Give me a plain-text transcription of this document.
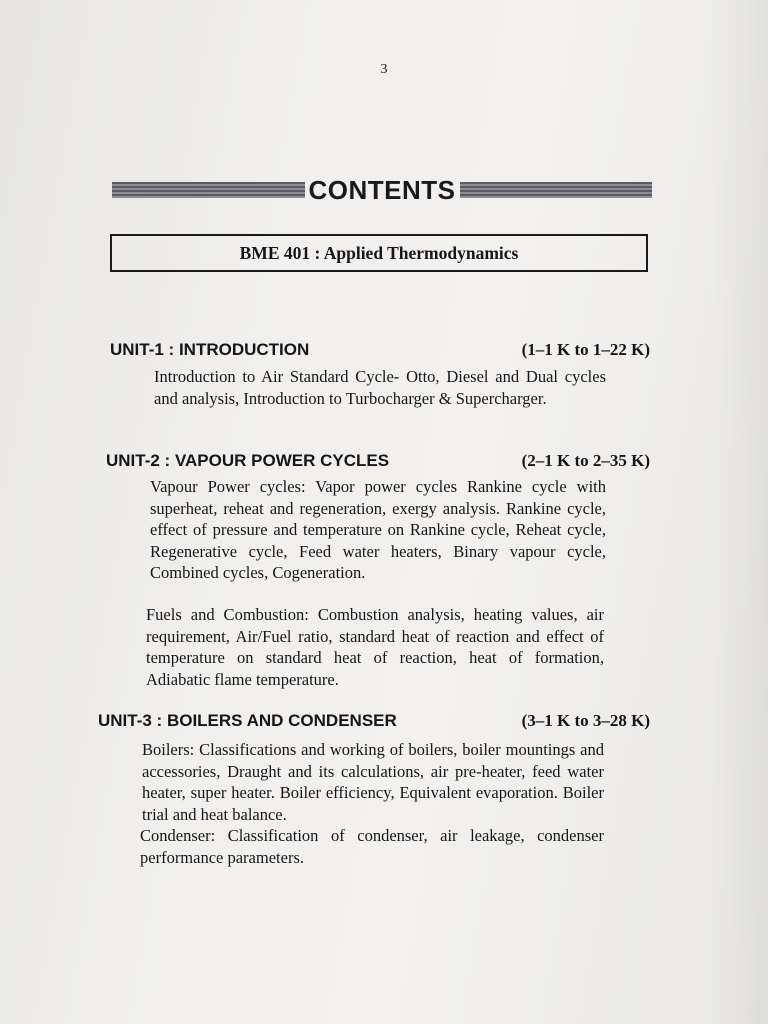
3
CONTENTS
BME 401 : Applied Thermodynamics
UNIT-1 : INTRODUCTION	(1–1 K to 1–22 K)

Introduction to Air Standard Cycle- Otto, Diesel and Dual cycles and analysis, Introduction to Turbocharger & Supercharger.

UNIT-2 : VAPOUR POWER CYCLES	(2–1 K to 2–35 K)

Vapour Power cycles: Vapor power cycles Rankine cycle with superheat, reheat and regeneration, exergy analysis. Rankine cycle, effect of pressure and temperature on Rankine cycle, Reheat cycle, Regenerative cycle, Feed water heaters, Binary vapour cycle, Combined cycles, Cogeneration.

Fuels and Combustion: Combustion analysis, heating values, air requirement, Air/Fuel ratio, standard heat of reaction and effect of temperature on standard heat of reaction, heat of formation, Adiabatic flame temperature.

UNIT-3 : BOILERS AND CONDENSER	(3–1 K to 3–28 K)

Boilers: Classifications and working of boilers, boiler mountings and accessories, Draught and its calculations, air pre-heater, feed water heater, super heater. Boiler efficiency, Equivalent evaporation. Boiler trial and heat balance.

Condenser: Classification of condenser, air leakage, condenser performance parameters.
